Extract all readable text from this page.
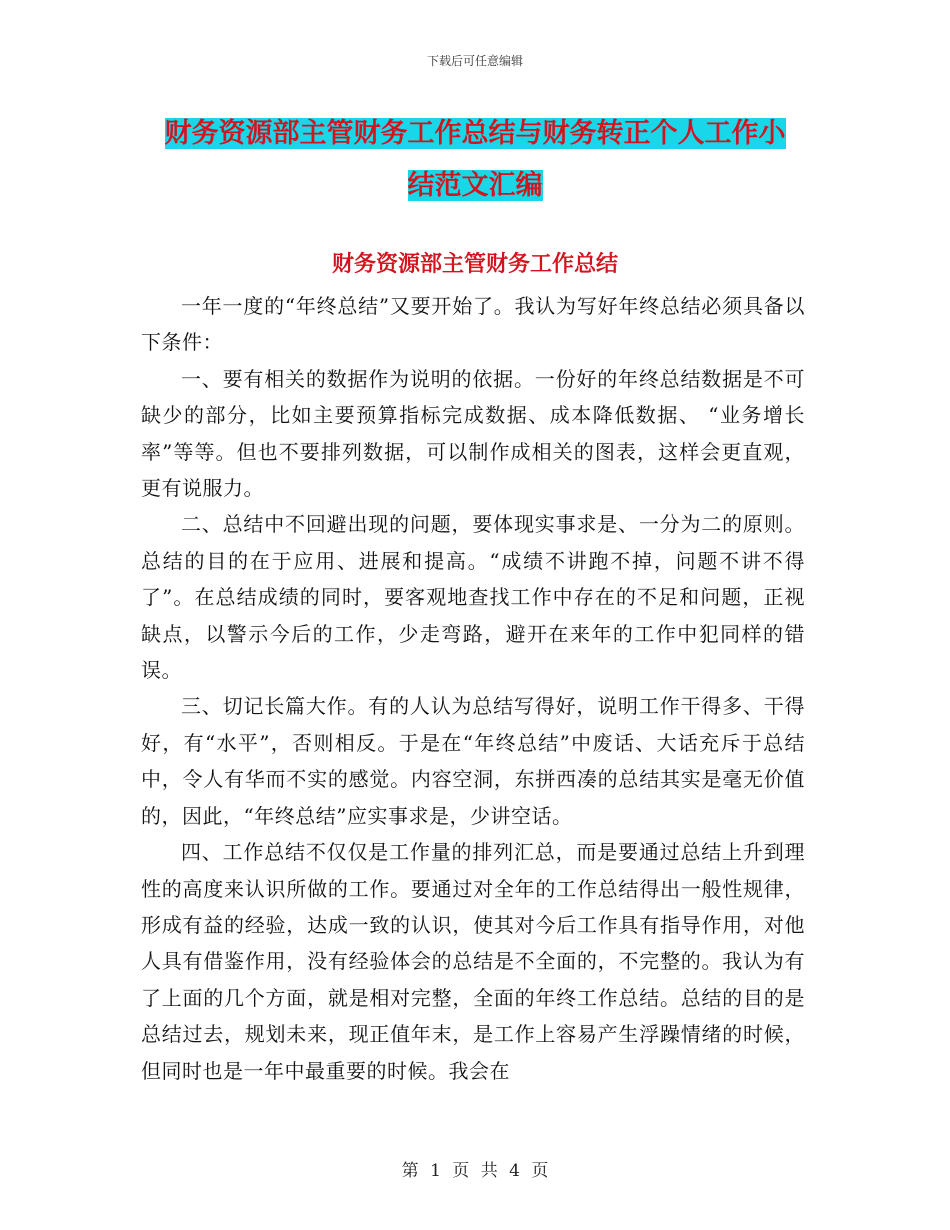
下载后可任意编辑
财务资源部主管财务工作总结与财务转正个人工作小
结范文汇编
财务资源部主管财务工作总结

一年一度的“年终总结”又要开始了。我认为写好年终总结必须具备以下条件：

一、要有相关的数据作为说明的依据。一份好的年终总结数据是不可缺少的部分，比如主要预算指标完成数据、成本降低数据、 “业务增长率”等等。但也不要排列数据，可以制作成相关的图表，这样会更直观，更有说服力。

二、总结中不回避出现的问题，要体现实事求是、一分为二的原则。总结的目的在于应用、进展和提高。“成绩不讲跑不掉，问题不讲不得了”。在总结成绩的同时，要客观地查找工作中存在的不足和问题，正视缺点，以警示今后的工作，少走弯路，避开在来年的工作中犯同样的错误。

三、切记长篇大作。有的人认为总结写得好，说明工作干得多、干得好，有“水平”，否则相反。于是在“年终总结”中废话、大话充斥于总结中，令人有华而不实的感觉。内容空洞，东拼西凑的总结其实是毫无价值的，因此，“年终总结”应实事求是，少讲空话。

四、工作总结不仅仅是工作量的排列汇总，而是要通过总结上升到理性的高度来认识所做的工作。要通过对全年的工作总结得出一般性规律，形成有益的经验，达成一致的认识，使其对今后工作具有指导作用，对他人具有借鉴作用，没有经验体会的总结是不全面的，不完整的。我认为有了上面的几个方面，就是相对完整，全面的年终工作总结。总结的目的是总结过去，规划未来，现正值年末，是工作上容易产生浮躁情绪的时候，但同时也是一年中最重要的时候。我会在

第 1 页 共 4 页
